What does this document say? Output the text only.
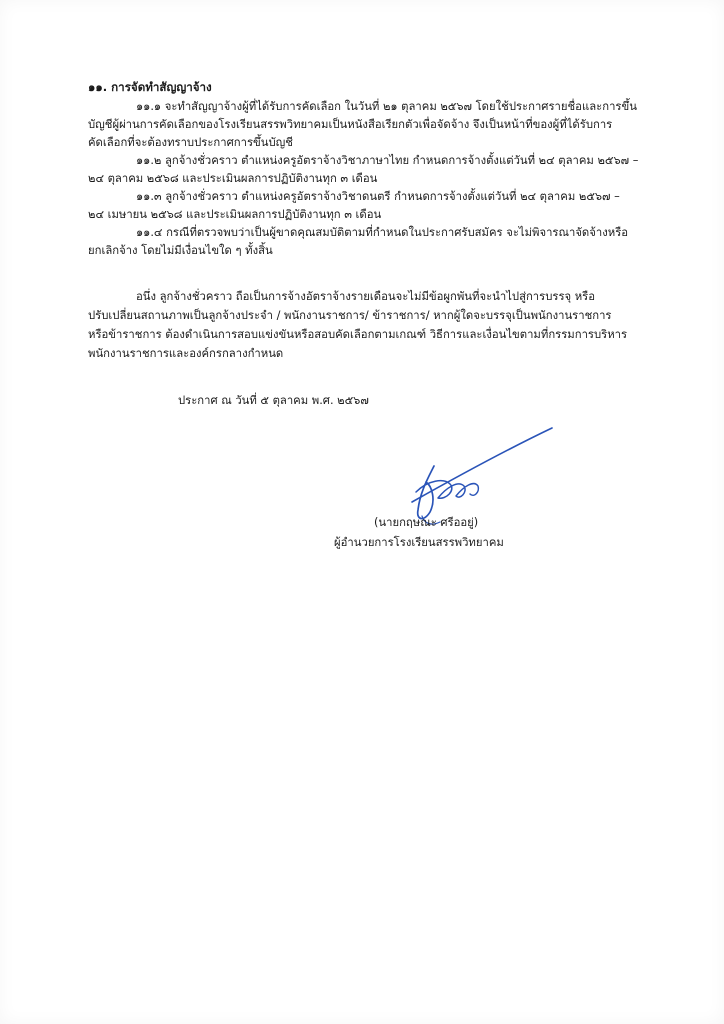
๑๑. การจัดทำสัญญาจ้าง
๑๑.๑ จะทำสัญญาจ้างผู้ที่ได้รับการคัดเลือก ในวันที่ ๒๑ ตุลาคม ๒๕๖๗ โดยใช้ประกาศรายชื่อและการขึ้น
บัญชีผู้ผ่านการคัดเลือกของโรงเรียนสรรพวิทยาคมเป็นหนังสือเรียกตัวเพื่อจัดจ้าง จึงเป็นหน้าที่ของผู้ที่ได้รับการ
คัดเลือกที่จะต้องทราบประกาศการขึ้นบัญชี
๑๑.๒ ลูกจ้างชั่วคราว ตำแหน่งครูอัตราจ้างวิชาภาษาไทย กำหนดการจ้างตั้งแต่วันที่ ๒๔ ตุลาคม ๒๕๖๗ –
๒๔ ตุลาคม ๒๕๖๘ และประเมินผลการปฏิบัติงานทุก ๓ เดือน
๑๑.๓ ลูกจ้างชั่วคราว ตำแหน่งครูอัตราจ้างวิชาดนตรี กำหนดการจ้างตั้งแต่วันที่ ๒๔ ตุลาคม ๒๕๖๗ –
๒๔ เมษายน ๒๕๖๘ และประเมินผลการปฏิบัติงานทุก ๓ เดือน
๑๑.๔ กรณีที่ตรวจพบว่าเป็นผู้ขาดคุณสมบัติตามที่กำหนดในประกาศรับสมัคร จะไม่พิจารณาจัดจ้างหรือ
ยกเลิกจ้าง โดยไม่มีเงื่อนไขใด ๆ ทั้งสิ้น
อนึ่ง ลูกจ้างชั่วคราว ถือเป็นการจ้างอัตราจ้างรายเดือนจะไม่มีข้อผูกพันที่จะนำไปสู่การบรรจุ หรือ
ปรับเปลี่ยนสถานภาพเป็นลูกจ้างประจำ / พนักงานราชการ/ ข้าราชการ/ หากผู้ใดจะบรรจุเป็นพนักงานราชการ
หรือข้าราชการ ต้องดำเนินการสอบแข่งขันหรือสอบคัดเลือกตามเกณฑ์ วิธีการและเงื่อนไขตามที่กรรมการบริหาร
พนักงานราชการและองค์กรกลางกำหนด
ประกาศ ณ วันที่ ๕ ตุลาคม พ.ศ. ๒๕๖๗
(นายกฤษณะ ศรีออยู่)
ผู้อำนวยการโรงเรียนสรรพวิทยาคม
